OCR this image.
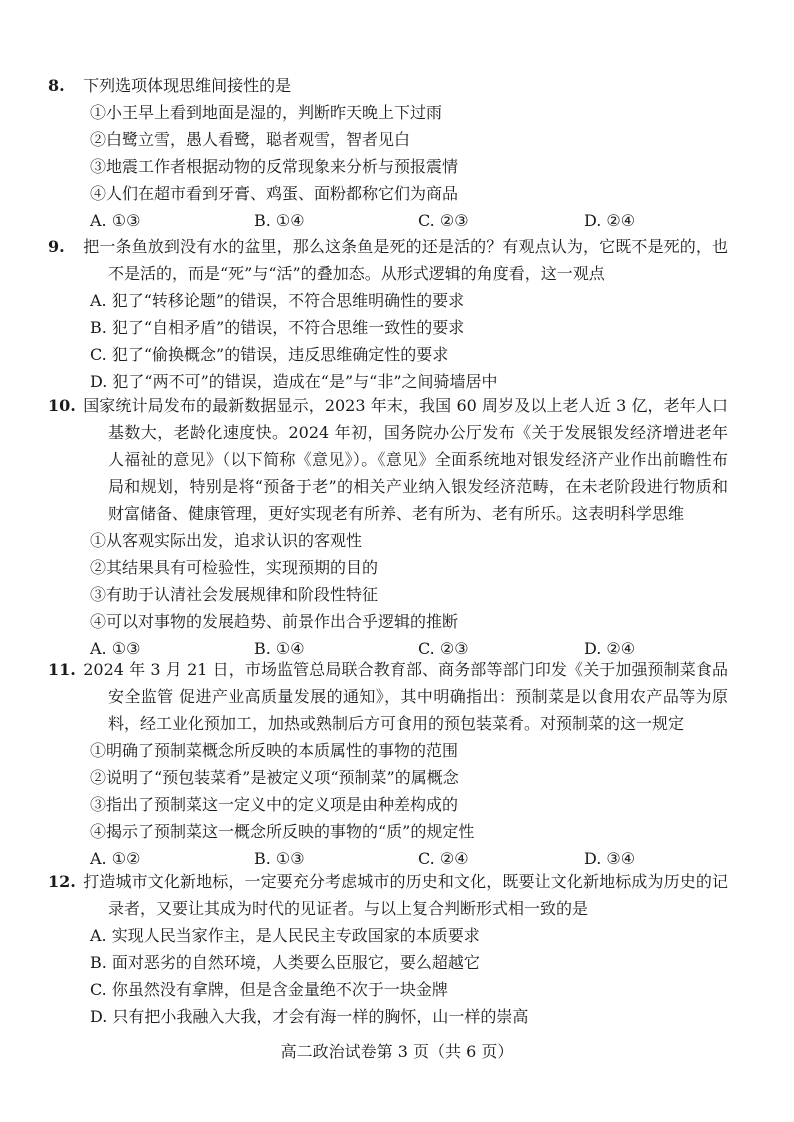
8. 下列选项体现思维间接性的是

①小王早上看到地面是湿的，判断昨天晚上下过雨

②白鹭立雪，愚人看鹭，聪者观雪，智者见白

③地震工作者根据动物的反常现象来分析与预报震情

④人们在超市看到牙膏、鸡蛋、面粉都称它们为商品

A. ①③	B. ①④	C. ②③	D. ②④

9. 把一条鱼放到没有水的盆里，那么这条鱼是死的还是活的？有观点认为，它既不是死的，也不是活的，而是“死”与“活”的叠加态。从形式逻辑的角度看，这一观点

A. 犯了“转移论题”的错误，不符合思维明确性的要求

B. 犯了“自相矛盾”的错误，不符合思维一致性的要求

C. 犯了“偷换概念”的错误，违反思维确定性的要求

D. 犯了“两不可”的错误，造成在“是”与“非”之间骑墙居中

10. 国家统计局发布的最新数据显示，2023 年末，我国 60 周岁及以上老人近 3 亿，老年人口基数大，老龄化速度快。2024 年初，国务院办公厅发布《关于发展银发经济增进老年人福祉的意见》（以下简称《意见》）。《意见》全面系统地对银发经济产业作出前瞻性布局和规划，特别是将“预备于老”的相关产业纳入银发经济范畴，在未老阶段进行物质和财富储备、健康管理，更好实现老有所养、老有所为、老有所乐。这表明科学思维

①从客观实际出发，追求认识的客观性

②其结果具有可检验性，实现预期的目的

③有助于认清社会发展规律和阶段性特征

④可以对事物的发展趋势、前景作出合乎逻辑的推断

A. ①③	B. ①④	C. ②③	D. ②④

11. 2024 年 3 月 21 日，市场监管总局联合教育部、商务部等部门印发《关于加强预制菜食品安全监管 促进产业高质量发展的通知》，其中明确指出：预制菜是以食用农产品等为原料，经工业化预加工，加热或熟制后方可食用的预包装菜肴。对预制菜的这一规定

①明确了预制菜概念所反映的本质属性的事物的范围

②说明了“预包装菜肴”是被定义项“预制菜”的属概念

③指出了预制菜这一定义中的定义项是由种差构成的

④揭示了预制菜这一概念所反映的事物的“质”的规定性

A. ①②	B. ①③	C. ②④	D. ③④

12. 打造城市文化新地标，一定要充分考虑城市的历史和文化，既要让文化新地标成为历史的记录者，又要让其成为时代的见证者。与以上复合判断形式相一致的是

A. 实现人民当家作主，是人民民主专政国家的本质要求

B. 面对恶劣的自然环境，人类要么臣服它，要么超越它

C. 你虽然没有拿牌，但是含金量绝不次于一块金牌

D. 只有把小我融入大我，才会有海一样的胸怀，山一样的崇高

高二政治试卷第 3 页（共 6 页）
